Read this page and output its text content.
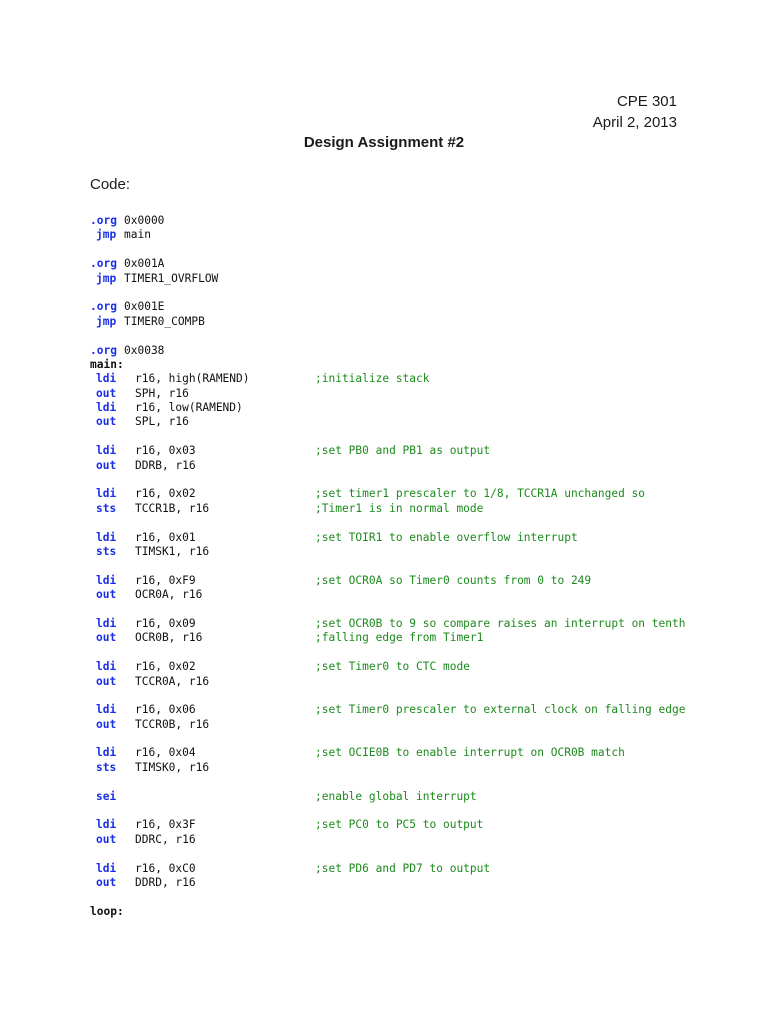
CPE 301
April 2, 2013
Design Assignment #2
Code:
.org 0x0000
jmp main
.org 0x001A
jmp TIMER1_OVRFLOW
.org 0x001E
jmp TIMER0_COMPB
.org 0x0038
main:
ldi r16, high(RAMEND)	;initialize stack
out SPH, r16
ldi r16, low(RAMEND)
out SPL, r16
ldi r16, 0x03	;set PB0 and PB1 as output
out DDRB, r16
ldi r16, 0x02	;set timer1 prescaler to 1/8, TCCR1A unchanged so
sts TCCR1B, r16	;Timer1 is in normal mode
ldi r16, 0x01	;set TOIR1 to enable overflow interrupt
sts TIMSK1, r16
ldi r16, 0xF9	;set OCR0A so Timer0 counts from 0 to 249
out OCR0A, r16
ldi r16, 0x09	;set OCR0B to 9 so compare raises an interrupt on tenth
out OCR0B, r16	;falling edge from Timer1
ldi r16, 0x02	;set Timer0 to CTC mode
out TCCR0A, r16
ldi r16, 0x06	;set Timer0 prescaler to external clock on falling edge
out TCCR0B, r16
ldi r16, 0x04	;set OCIE0B to enable interrupt on OCR0B match
sts TIMSK0, r16
sei	;enable global interrupt
ldi r16, 0x3F	;set PC0 to PC5 to output
out DDRC, r16
ldi r16, 0xC0	;set PD6 and PD7 to output
out DDRD, r16
loop:
